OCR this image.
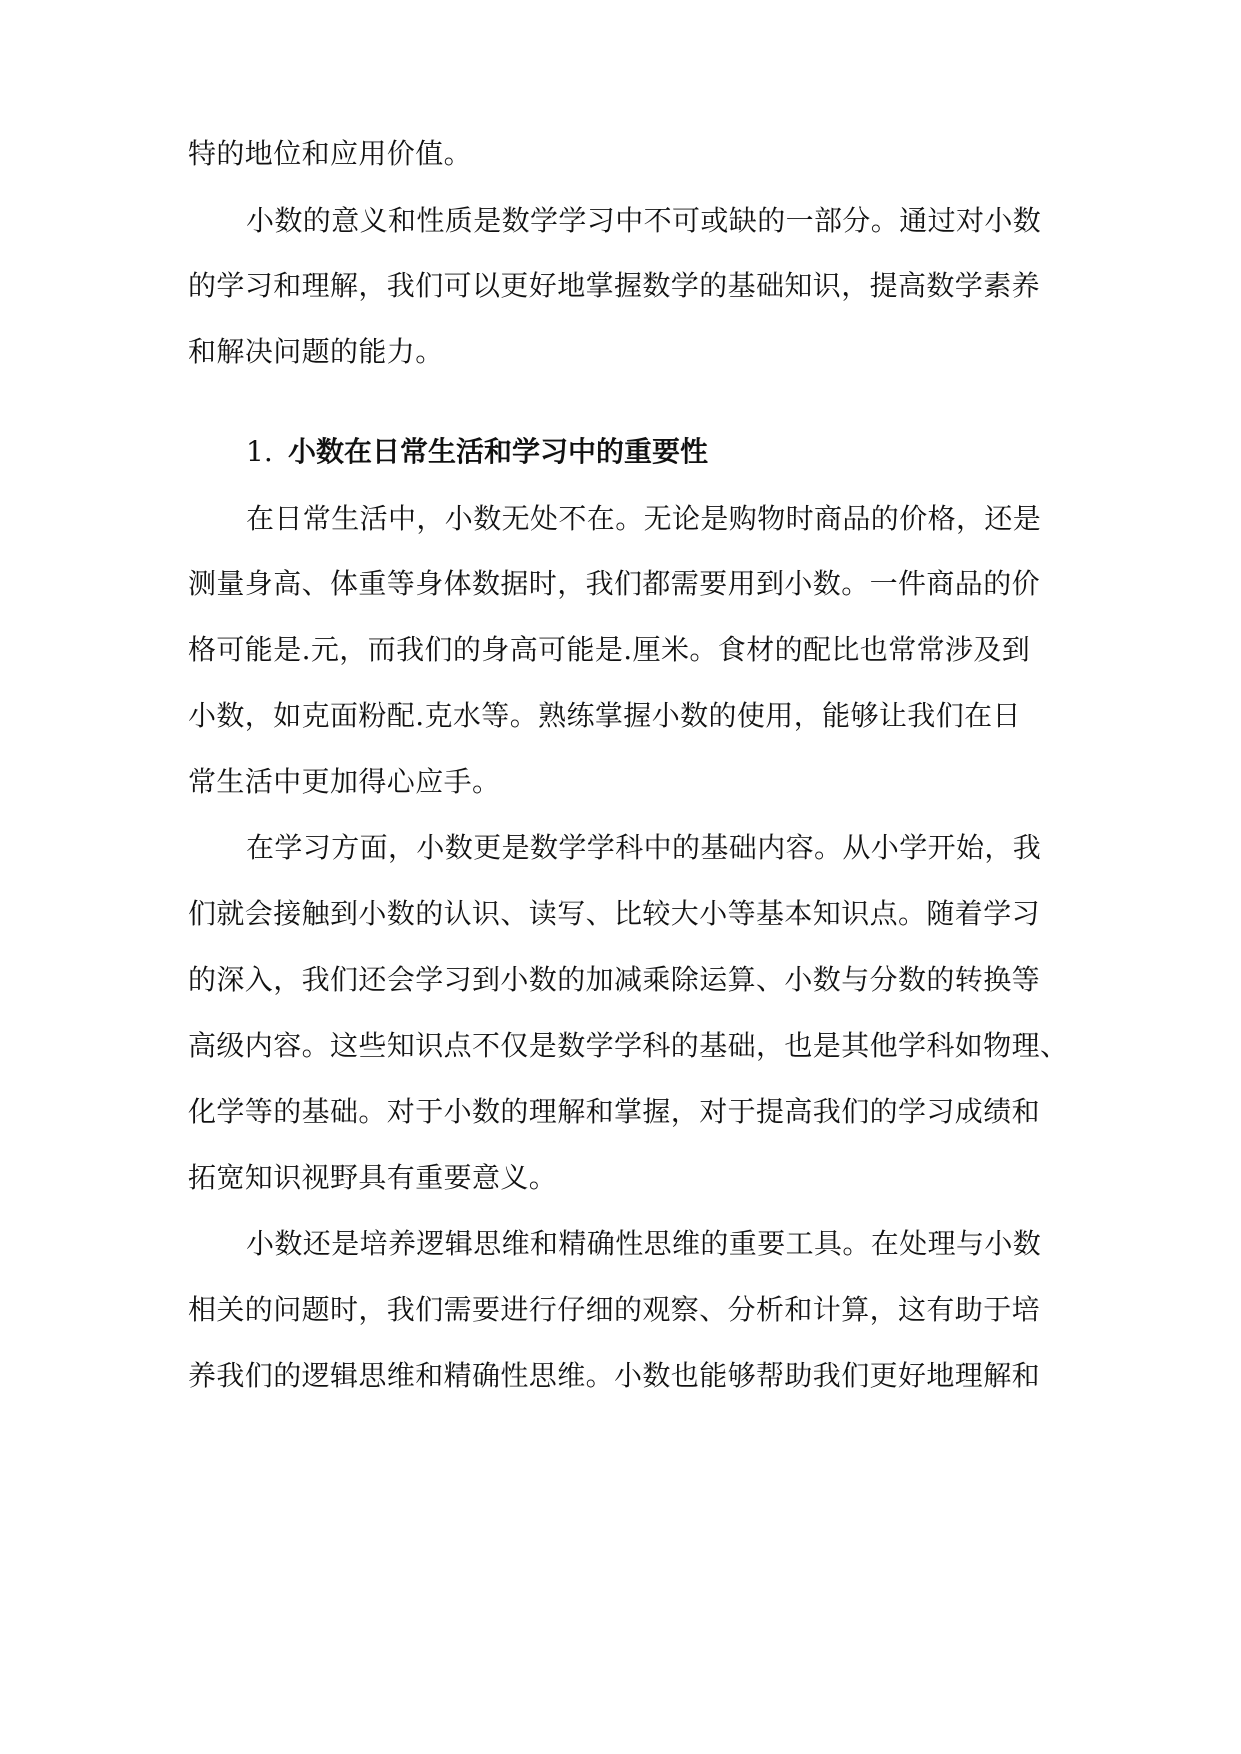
特的地位和应用价值。
小数的意义和性质是数学学习中不可或缺的一部分。通过对小数
的学习和理解，我们可以更好地掌握数学的基础知识，提高数学素养
和解决问题的能力。
1. 小数在日常生活和学习中的重要性
在日常生活中，小数无处不在。无论是购物时商品的价格，还是
测量身高、体重等身体数据时，我们都需要用到小数。一件商品的价
格可能是.元，而我们的身高可能是.厘米。食材的配比也常常涉及到
小数，如克面粉配.克水等。熟练掌握小数的使用，能够让我们在日
常生活中更加得心应手。
在学习方面，小数更是数学学科中的基础内容。从小学开始，我
们就会接触到小数的认识、读写、比较大小等基本知识点。随着学习
的深入，我们还会学习到小数的加减乘除运算、小数与分数的转换等
高级内容。这些知识点不仅是数学学科的基础，也是其他学科如物理、
化学等的基础。对于小数的理解和掌握，对于提高我们的学习成绩和
拓宽知识视野具有重要意义。
小数还是培养逻辑思维和精确性思维的重要工具。在处理与小数
相关的问题时，我们需要进行仔细的观察、分析和计算，这有助于培
养我们的逻辑思维和精确性思维。小数也能够帮助我们更好地理解和
